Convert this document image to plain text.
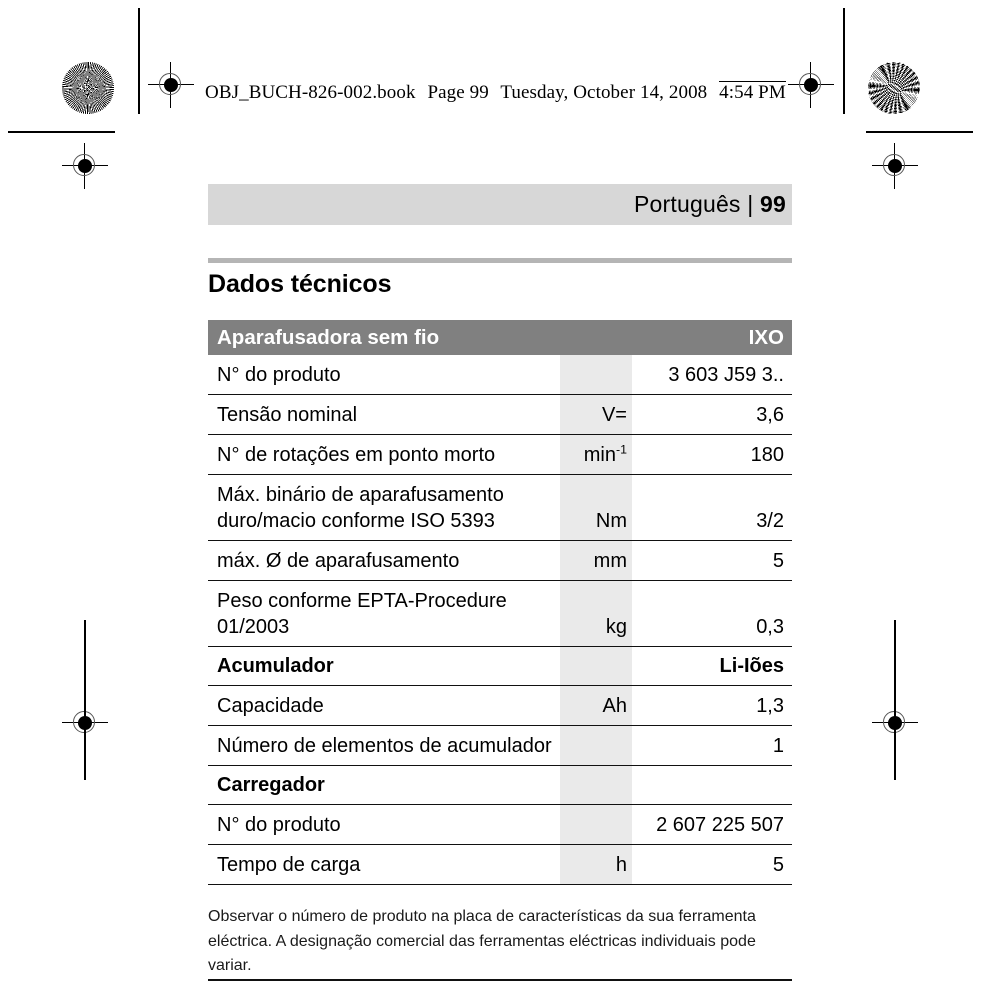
OBJ_BUCH-826-002.book Page 99 Tuesday, October 14, 2008 4:54 PM
Português | 99
Dados técnicos
Aparafusadora sem fio		IXO
N° do produto		3 603 J59 3..
Tensão nominal	V=	3,6
N° de rotações em ponto morto	$\min^{-1}$	180
Máx. binário de aparafusamento duro/macio conforme ISO 5393	Nm	3/2
máx. Ø de aparafusamento	mm	5
Peso conforme EPTA-Procedure 01/2003	kg	0,3
Acumulador		Li-Iões
Capacidade	Ah	1,3
Número de elementos de acumulador		1
Carregador		
N° do produto		2 607 225 507
Tempo de carga	h	5
Observar o número de produto na placa de características da sua ferramenta eléctrica. A designação comercial das ferramentas eléctricas individuais pode variar.
